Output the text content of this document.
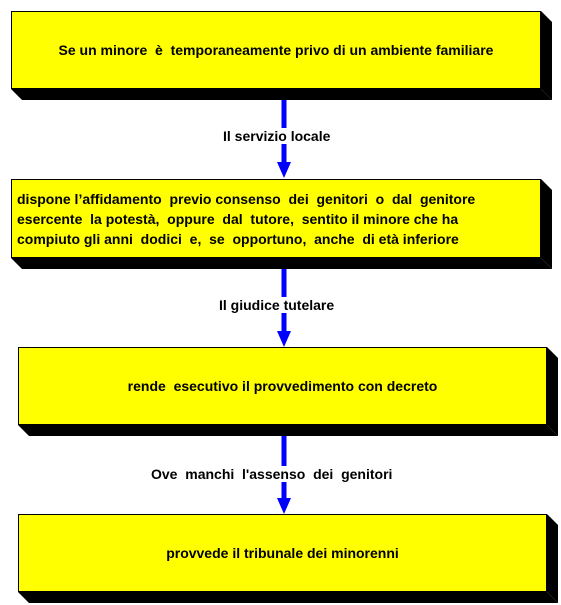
Se un minore  è  temporaneamente privo di un ambiente familiare
Il servizio locale
dispone l’affidamento  previo consenso  dei  genitori  o  dal  genitore
esercente  la potestà,  oppure  dal  tutore,  sentito il minore che ha
compiuto gli anni  dodici  e,  se  opportuno,  anche  di età inferiore
Il giudice tutelare
rende  esecutivo il provvedimento con decreto
Ove  manchi  l'assenso  dei  genitori
provvede il tribunale dei minorenni
